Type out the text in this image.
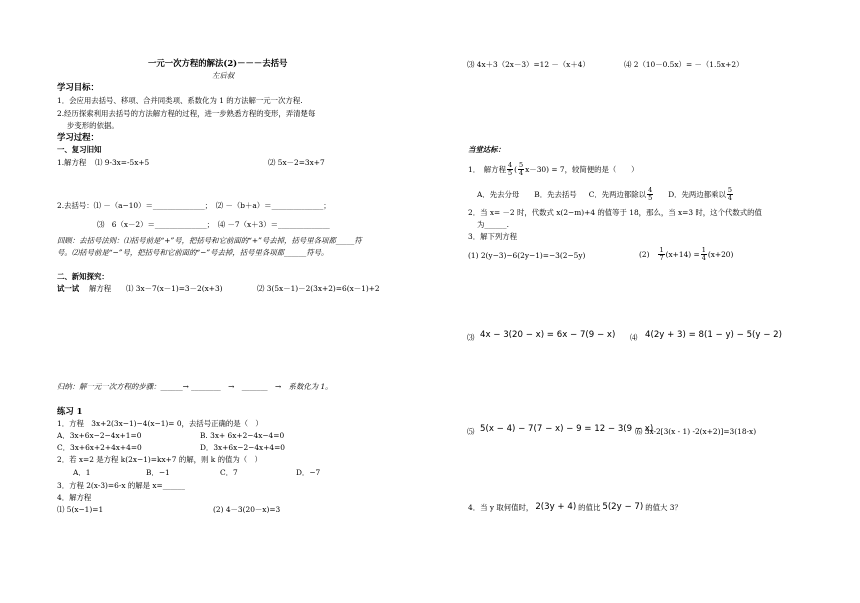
一元一次方程的解法(2)－－－去括号
左后叔
学习目标：
1．会应用去括号、移项、合并同类项、系数化为 1 的方法解一元一次方程.
2.经历探索利用去括号的方法解方程的过程，进一步熟悉方程的变形，弄清楚每
步变形的依据。
学习过程：
一、复习旧知
1.解方程 ⑴ 9-3x=-5x+5	⑵ 5x－2=3x+7
2.去括号：⑴ －（a−10）＝______________；　⑵ －（b＋a）＝______________；
⑶　6（x－2）＝______________；　⑷ －7（x＋3）＝______________
回顾：去括号法则：⑴括号前是“+”号，把括号和它前面的“+”号去掉，括号里各项都_____符
号。⑵括号前是“−”号，把括号和它前面的“−”号去掉，括号里各项都______符号。
二、新知探究：
试一试 解方程 ⑴ 3x－7(x－1)=3－2(x+3)	⑵ 3(5x－1)－2(3x+2)=6(x－1)+2
归纳：解一元一次方程的步骤：______→ ________　→　_______　→　系数化为 1。
练习 1
1．方程　3x+2(3x−1)−4(x−1)= 0，去括号正确的是（　）
A．3x+6x−2−4x+1=0	B. 3x+ 6x+2−4x−4=0
C．3x+6x+2+4x+4=0	D．3x+6x−2−4x+4=0
2．若 x=2 是方程 k(2x−1)=kx+7 的解，则 k 的值为（　）
A．1	B．−1	C．7	D．−7
3．方程 2(x-3)=6-x 的解是 x=______
4．解方程
⑴ 5(x−1)=1	(2) 4－3(20－x)=3
⑶ 4x＋3（2x－3）=12 －（x＋4）	⑷ 2（10－0.5x）= －（1.5x+2）
当堂达标：
1．　解方程 $\frac{4}{5}$ ( $\frac{5}{4} x-30) = 7$，较简便的是（　　）
A．先去分母 B．先去括号 C．先两边都除以 $\frac{4}{5}$ D．先两边都乘以 $\frac{5}{4}$
2．当 x= －2 时，代数式 x(2−m)+4 的值等于 18，那么，当 x=3 时，这个代数式的值
为______.
3．解下列方程
(1) 2(y−3)−6(2y−1)=−3(2−5y)	$(2) \frac{1}{7} (x+14) = \frac{1}{4} (x+20)$
⑶ 4x − 3(20 − x) = 6x − 7(9 − x) ⑷ 4(2y + 3) = 8(1 − y) − 5(y − 2)
⑸ 5(x − 4) − 7(7 − x) − 9 = 12 − 3(9 − x)
⑹ 3x-2[3(x - 1) -2(x+2)]=3(18-x)
4．当 y 取何值时， 2(3y + 4) 的值比 5(2y − 7) 的值大 3？
